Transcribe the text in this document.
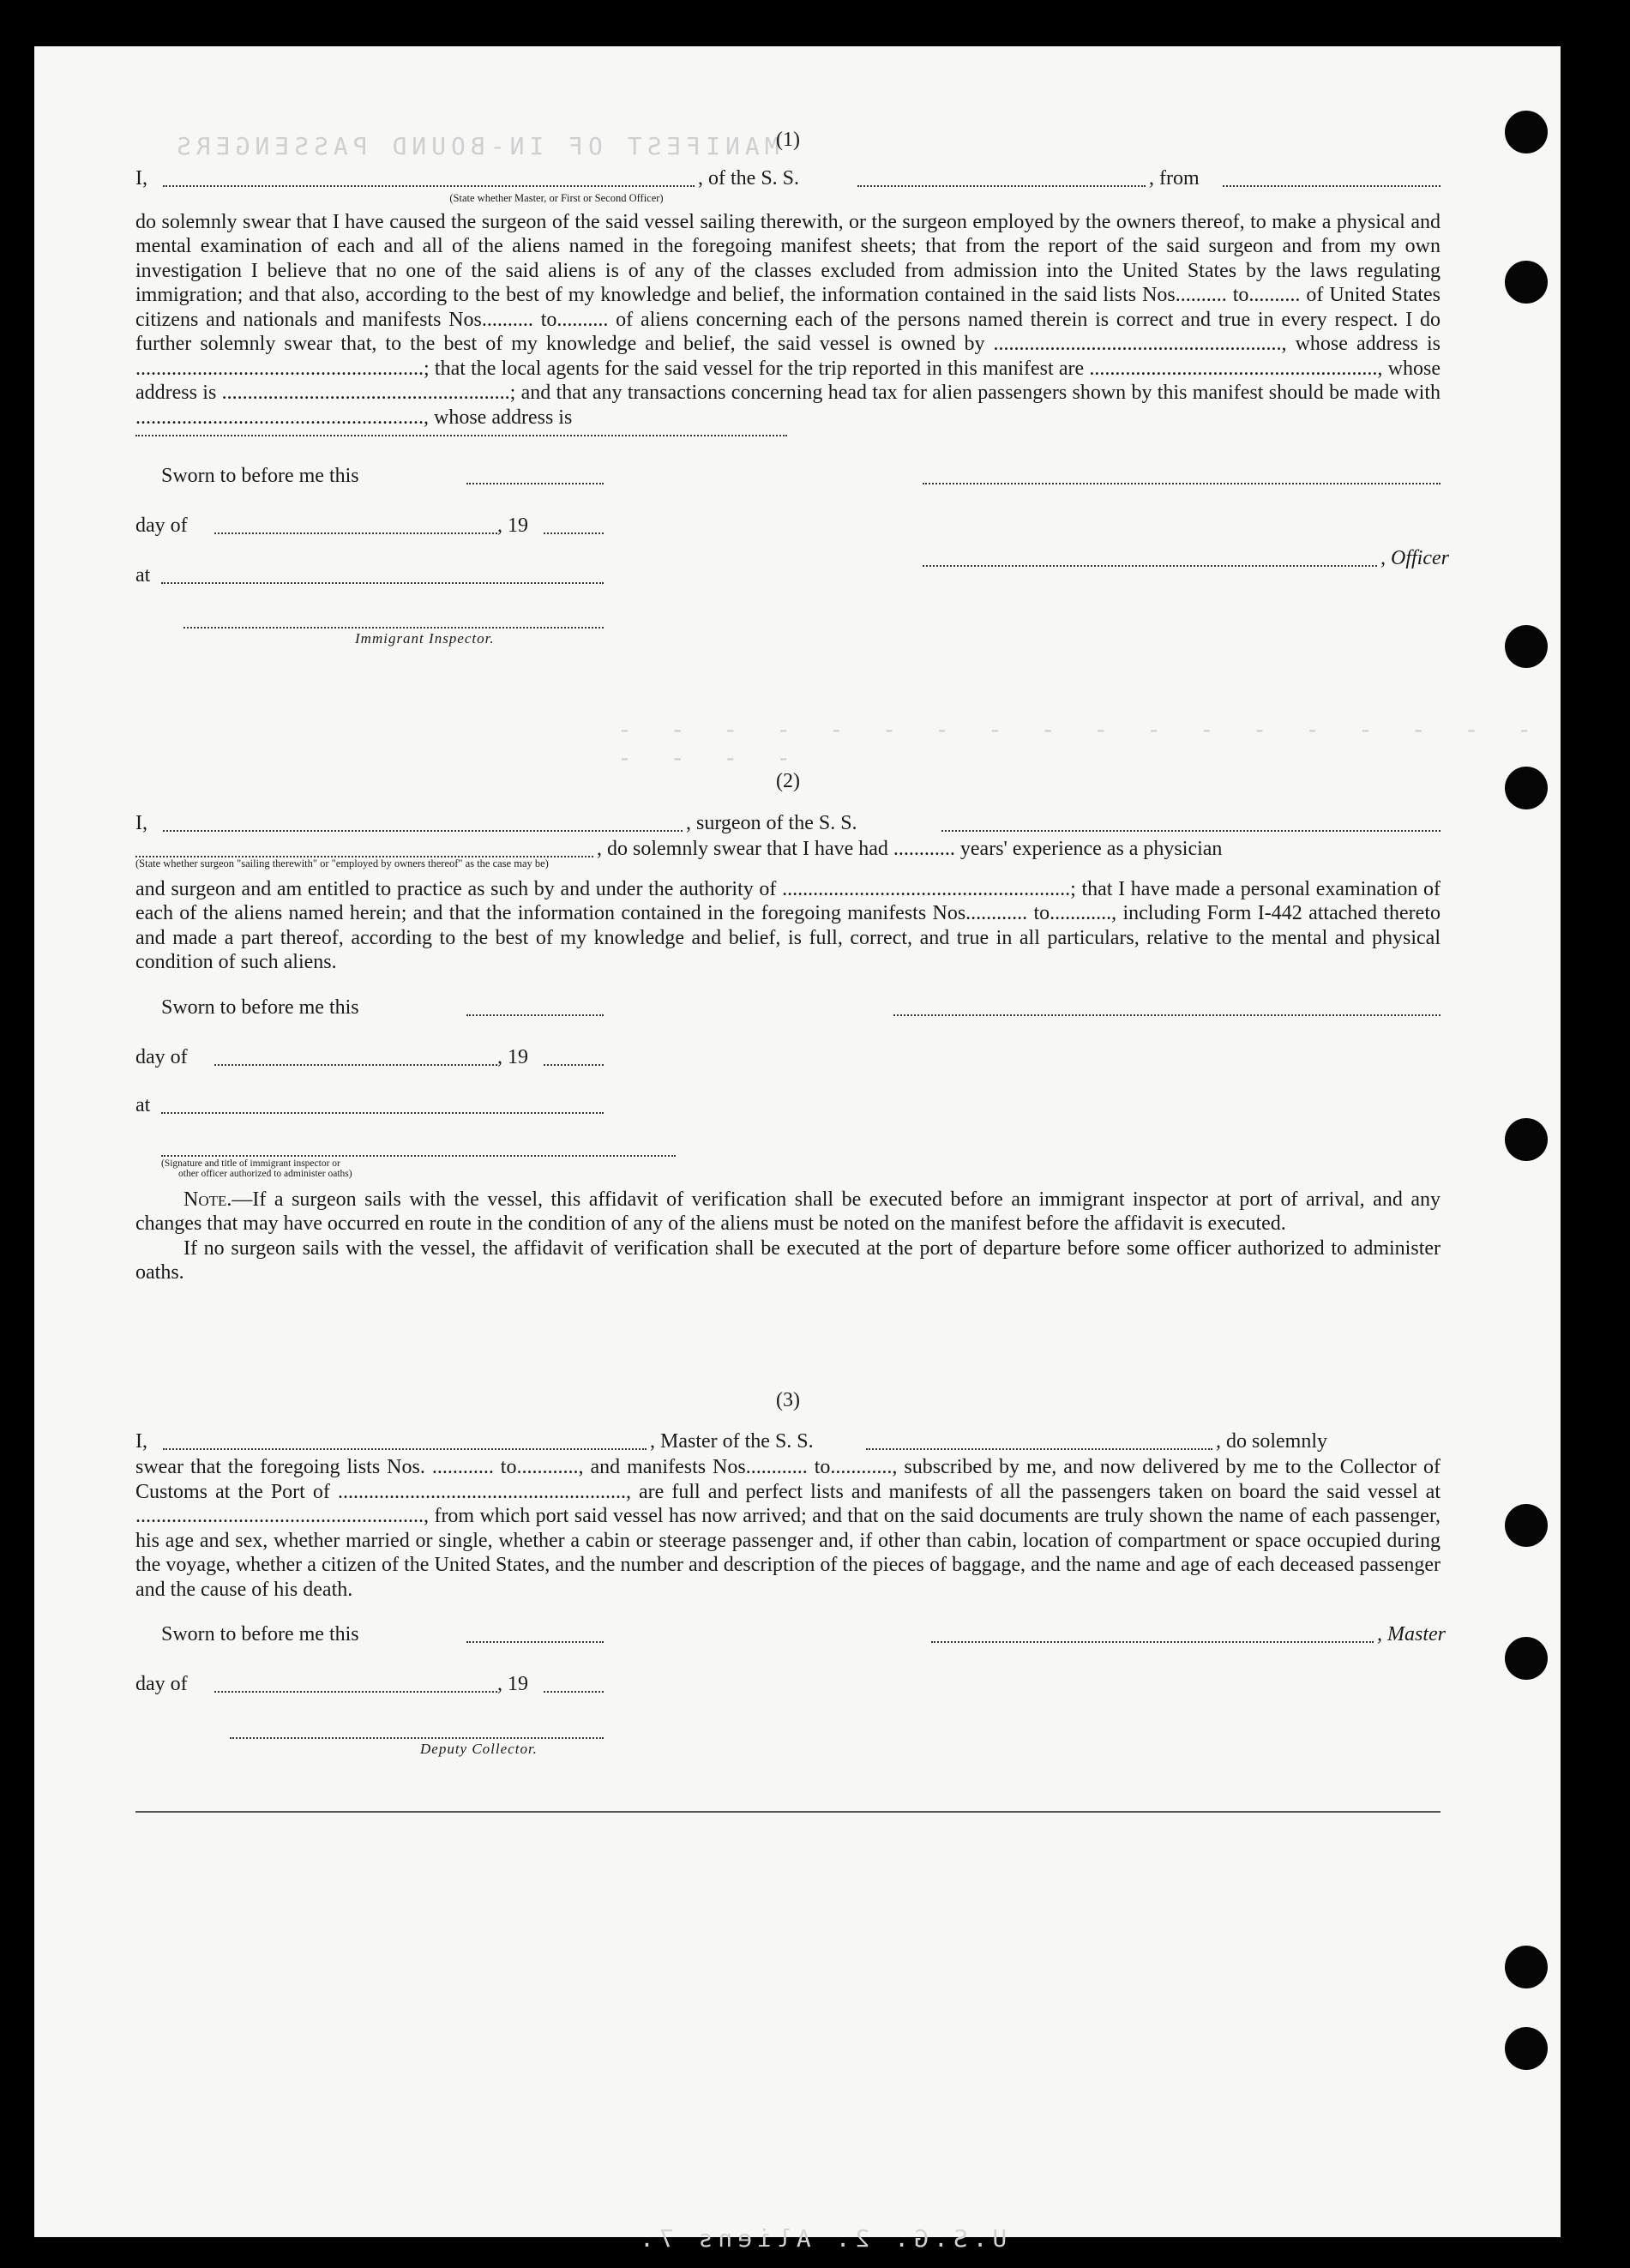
MANIFEST OF IN-BOUND PASSENGERS
- - - - - - - - - - - - - - - - - - - - - -

(1)

I,	, of the S. S.	, from

(State whether Master, or First or Second Officer)

do solemnly swear that I have caused the surgeon of the said vessel sailing therewith, or the surgeon employed by the owners thereof, to make a physical and mental examination of each and all of the aliens named in the foregoing manifest sheets; that from the report of the said surgeon and from my own investigation I believe that no one of the said aliens is of any of the classes excluded from admission into the United States by the laws regulating immigration; and that also, according to the best of my knowledge and belief, the information contained in the said lists Nos.......... to.......... of United States citizens and nationals and manifests Nos.......... to.......... of aliens concerning each of the persons named therein is correct and true in every respect. I do further solemnly swear that, to the best of my knowledge and belief, the said vessel is owned by ........................................................, whose address is ........................................................; that the local agents for the said vessel for the trip reported in this manifest are ........................................................, whose address is ........................................................; and that any transactions concerning head tax for alien passengers shown by this manifest should be made with ........................................................, whose address is

Sworn to before me this
day of	, 19
, Officer
at
Immigrant Inspector.

(2)

I,	, surgeon of the S. S.
, do solemnly swear that I have had ............ years' experience as a physician

(State whether surgeon "sailing therewith" or "employed by owners thereof" as the case may be)

and surgeon and am entitled to practice as such by and under the authority of ........................................................; that I have made a personal examination of each of the aliens named herein; and that the information contained in the foregoing manifests Nos............ to............, including Form I-442 attached thereto and made a part thereof, according to the best of my knowledge and belief, is full, correct, and true in all particulars, relative to the mental and physical condition of such aliens.

Sworn to before me this
day of	, 19
at

(Signature and title of immigrant inspector or

other officer authorized to administer oaths)

Note.—If a surgeon sails with the vessel, this affidavit of verification shall be executed before an immigrant inspector at port of arrival, and any changes that may have occurred en route in the condition of any of the aliens must be noted on the manifest before the affidavit is executed.

If no surgeon sails with the vessel, the affidavit of verification shall be executed at the port of departure before some officer authorized to administer oaths.

(3)

I,	, Master of the S. S.	, do solemnly

swear that the foregoing lists Nos. ............ to............, and manifests Nos............ to............, subscribed by me, and now delivered by me to the Collector of Customs at the Port of ........................................................, are full and perfect lists and manifests of all the passengers taken on board the said vessel at ........................................................, from which port said vessel has now arrived; and that on the said documents are truly shown the name of each passenger, his age and sex, whether married or single, whether a cabin or steerage passenger and, if other than cabin, location of compartment or space occupied during the voyage, whether a citizen of the United States, and the number and description of the pieces of baggage, and the name and age of each deceased passenger and the cause of his death.

Sworn to before me this	, Master
day of	, 19
Deputy Collector.
U.S.G. 2. Aliens 7.
